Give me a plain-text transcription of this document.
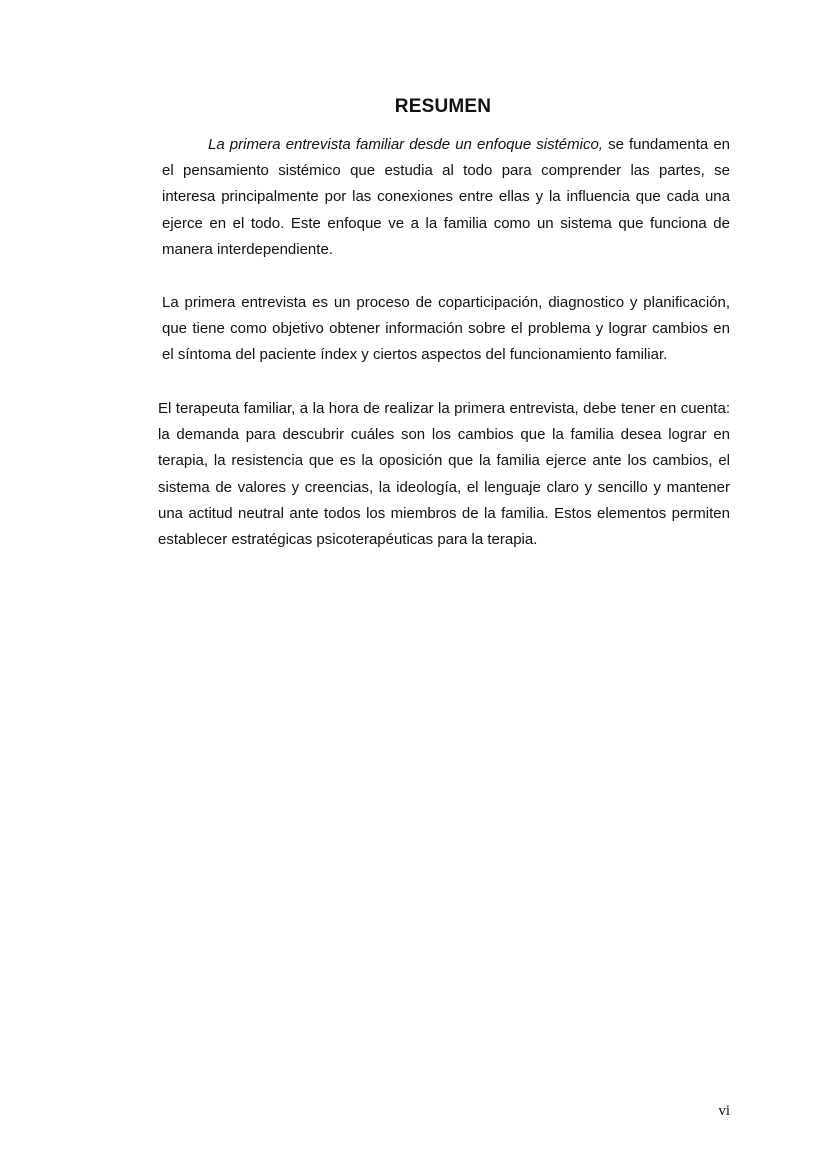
RESUMEN

La primera entrevista familiar desde un enfoque sistémico, se fundamenta en el pensamiento sistémico que estudia al todo para comprender las partes, se interesa principalmente por las conexiones entre ellas y la influencia que cada una ejerce en el todo. Este enfoque ve a la familia como un sistema que funciona de manera interdependiente.

La primera entrevista es un proceso de coparticipación, diagnostico y planificación, que tiene como objetivo obtener información sobre el problema y lograr cambios en el síntoma del paciente índex y ciertos aspectos del funcionamiento familiar.

El terapeuta familiar, a la hora de realizar la primera entrevista, debe tener en cuenta: la demanda para descubrir cuáles son los cambios que la familia desea lograr en terapia, la resistencia que es la oposición que la familia ejerce ante los cambios, el sistema de valores y creencias, la ideología, el lenguaje claro y sencillo y mantener una actitud neutral ante todos los miembros de la familia. Estos elementos permiten establecer estratégicas psicoterapéuticas para la terapia.

vi
